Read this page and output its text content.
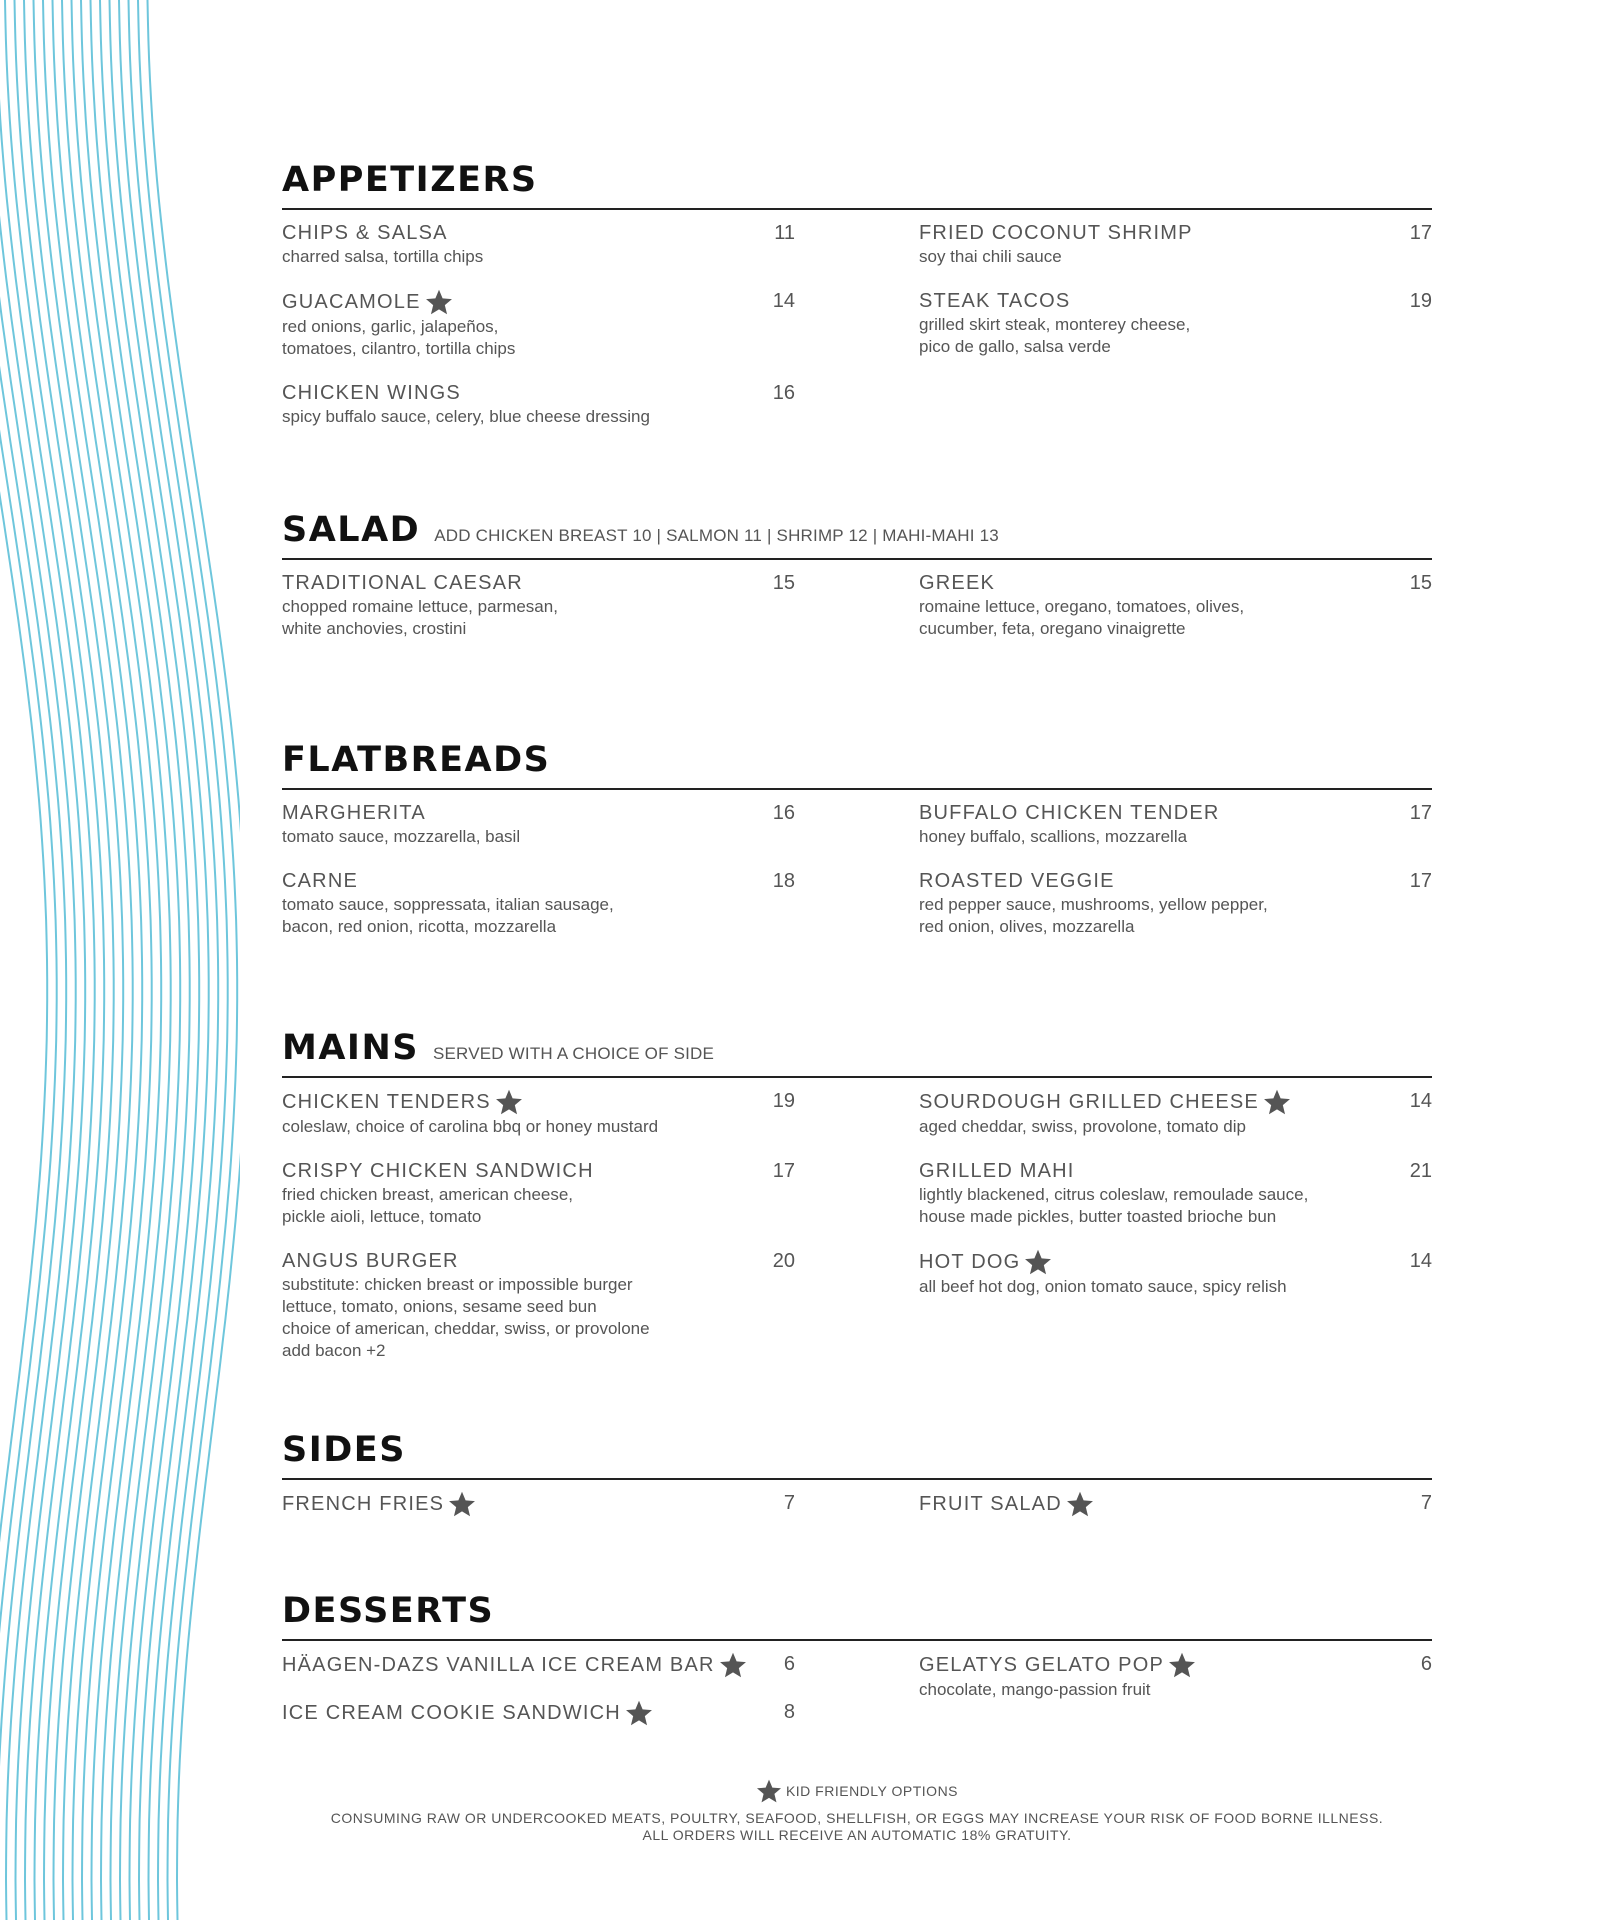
APPETIZERS
CHIPS & SALSA
charred salsa, tortilla chips
11
GUACAMOLE
red onions, garlic, jalapeños,
tomatoes, cilantro, tortilla chips
14
CHICKEN WINGS
spicy buffalo sauce, celery, blue cheese dressing
16
FRIED COCONUT SHRIMP
soy thai chili sauce
17
STEAK TACOS
grilled skirt steak, monterey cheese,
pico de gallo, salsa verde
19
SALAD ADD CHICKEN BREAST 10 | SALMON 11 | SHRIMP 12 | MAHI-MAHI 13
TRADITIONAL CAESAR
chopped romaine lettuce, parmesan,
white anchovies, crostini
15	GREEK
romaine lettuce, oregano, tomatoes, olives,
cucumber, feta, oregano vinaigrette
15
FLATBREADS
MARGHERITA
tomato sauce, mozzarella, basil
16
CARNE
tomato sauce, soppressata, italian sausage,
bacon, red onion, ricotta, mozzarella
18
BUFFALO CHICKEN TENDER
honey buffalo, scallions, mozzarella
17
ROASTED VEGGIE
red pepper sauce, mushrooms, yellow pepper,
red onion, olives, mozzarella
17
MAINS SERVED WITH A CHOICE OF SIDE
CHICKEN TENDERS
coleslaw, choice of carolina bbq or honey mustard
19
CRISPY CHICKEN SANDWICH
fried chicken breast, american cheese,
pickle aioli, lettuce, tomato
17
ANGUS BURGER
substitute: chicken breast or impossible burger
lettuce, tomato, onions, sesame seed bun
choice of american, cheddar, swiss, or provolone
add bacon +2
20
SOURDOUGH GRILLED CHEESE
aged cheddar, swiss, provolone, tomato dip
14
GRILLED MAHI
lightly blackened, citrus coleslaw, remoulade sauce,
house made pickles, butter toasted brioche bun
21
HOT DOG
all beef hot dog, onion tomato sauce, spicy relish
14
SIDES
FRENCH FRIES	7	FRUIT SALAD	7
DESSERTS
HÄAGEN-DAZS VANILLA ICE CREAM BAR	6
ICE CREAM COOKIE SANDWICH	8
GELATYS GELATO POP
chocolate, mango-passion fruit
6
KID FRIENDLY OPTIONS
CONSUMING RAW OR UNDERCOOKED MEATS, POULTRY, SEAFOOD, SHELLFISH, OR EGGS MAY INCREASE YOUR RISK OF FOOD BORNE ILLNESS.
ALL ORDERS WILL RECEIVE AN AUTOMATIC 18% GRATUITY.
